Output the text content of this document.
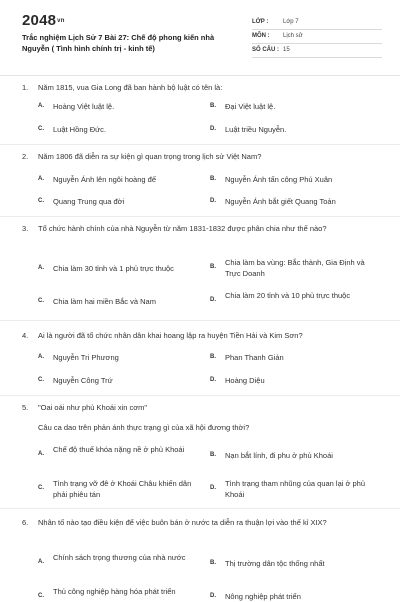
2048vn
Trắc nghiệm Lịch Sử 7 Bài 27: Chế độ phong kiến nhà Nguyễn ( Tình hình chính trị - kinh tế)
LỚP :	Lớp 7
MÔN :	Lịch sử
SỐ CÂU : 15
1. Năm 1815, vua Gia Long đã ban hành bộ luật có tên là:
A. Hoàng Việt luật lệ.	B. Đại Việt luật lệ.
C. Luật Hồng Đức.	D. Luật triều Nguyễn.
2. Năm 1806 đã diễn ra sự kiện gì quan trọng trong lịch sử Việt Nam?
A. Nguyễn Ánh lên ngôi hoàng đế	B. Nguyễn Ánh tấn công Phú Xuân
C. Quang Trung qua đời	D. Nguyễn Ánh bắt giết Quang Toản
3. Tổ chức hành chính của nhà Nguyễn từ năm 1831-1832 được phân chia như thế nào?
A. Chia làm 30 tỉnh và 1 phủ trực thuộc	B. Chia làm ba vùng: Bắc thành, Gia Định và Trực Doanh
C. Chia làm hai miền Bắc và Nam	D. Chia làm 20 tỉnh và 10 phủ trực thuộc
4. Ai là người đã tổ chức nhân dân khai hoang lập ra huyện Tiền Hải và Kim Sơn?
A. Nguyễn Tri Phương	B. Phan Thanh Giản
C. Nguyễn Công Trứ	D. Hoàng Diệu
5. "Oai oái như phủ Khoái xin cơm"
Câu ca dao trên phản ánh thực trạng gì của xã hội đương thời?
A. Chế độ thuế khóa nặng nề ở phủ Khoái
B. Nạn bắt lính, đi phu ở phủ Khoái
C. Tình trạng vỡ đê ở Khoái Châu khiến dân phải phiêu tán
D. Tình trạng tham nhũng của quan lại ở phủ Khoái
6. Nhân tố nào tạo điều kiện để việc buôn bán ở nước ta diễn ra thuận lợi vào thế kỉ XIX?
A. Chính sách trọng thương của nhà nước
B. Thị trường dân tộc thống nhất
C. Thủ công nghiệp hàng hóa phát triển	D. Nông nghiệp phát triển
